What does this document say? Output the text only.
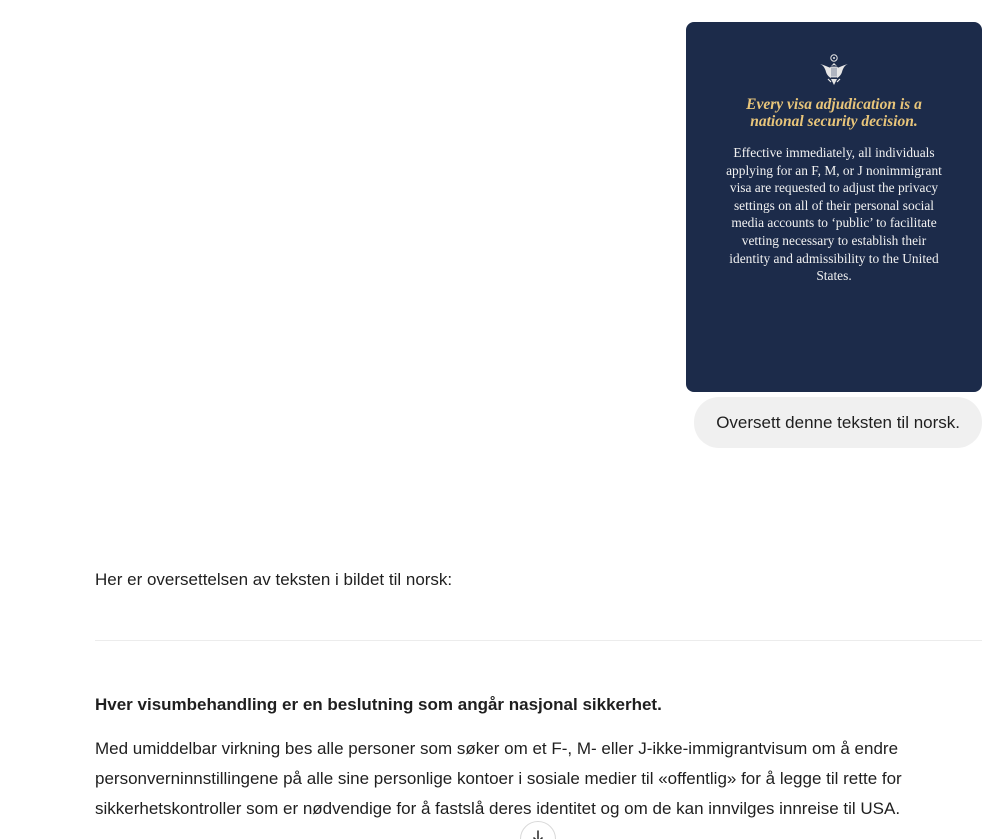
Every visa adjudication is a national security decision.

Effective immediately, all individuals applying for an F, M, or J nonimmigrant visa are requested to adjust the privacy settings on all of their personal social media accounts to ‘public’ to facilitate vetting necessary to establish their identity and admissibility to the United States.

Oversett denne teksten til norsk.

Her er oversettelsen av teksten i bildet til norsk:

Hver visumbehandling er en beslutning som angår nasjonal sikkerhet.

Med umiddelbar virkning bes alle personer som søker om et F-, M- eller J-ikke-immigrantvisum om å endre personverninnstillingene på alle sine personlige kontoer i sosiale medier til «offentlig» for å legge til rette for sikkerhetskontroller som er nødvendige for å fastslå deres identitet og om de kan innvilges innreise til USA.
